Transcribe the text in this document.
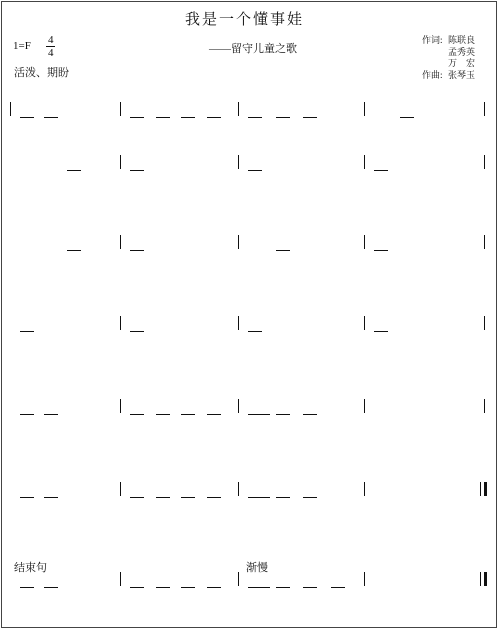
我是一个懂事娃
——留守儿童之歌
1=F 4
4
活泼、期盼
作词: 陈联良
孟秀英
万　宏
作曲: 张琴玉
结束句	渐慢
